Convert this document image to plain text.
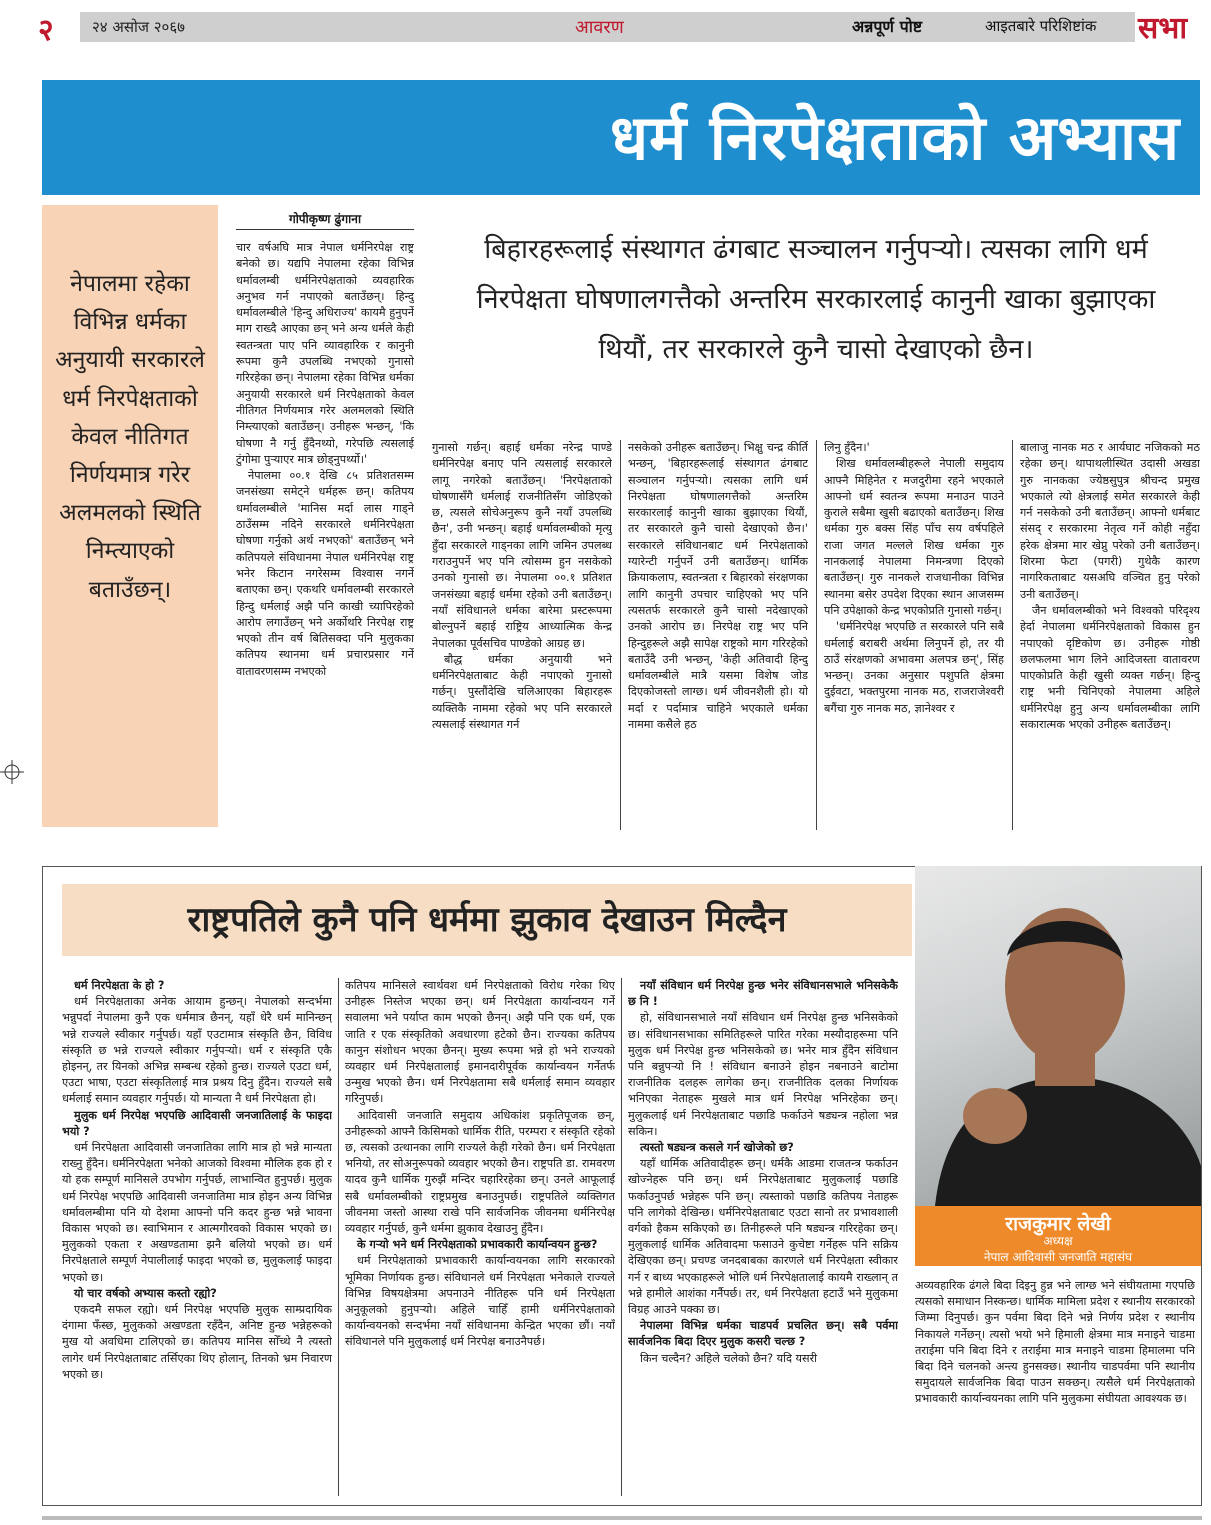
२	२४ असोज २०६७	आवरण	अन्नपूर्ण पोष्ट	आइतबारे परिशिष्टांक सभा
धर्म निरपेक्षताको अभ्यास
नेपालमा रहेका विभिन्न धर्मका अनुयायी सरकारले धर्म निरपेक्षताको केवल नीतिगत निर्णयमात्र गरेर अलमलको स्थिति निम्त्याएको बताउँछन्।
गोपीकृष्ण ढुंगाना

चार वर्षअघि मात्र नेपाल धर्मनिरपेक्ष राष्ट्र बनेको छ। यद्यपि नेपालमा रहेका विभिन्न धर्मावलम्बी धर्मनिरपेक्षताको व्यवहारिक अनुभव गर्न नपाएको बताउँछन्। हिन्दु धर्मावलम्बीले 'हिन्दु अधिराज्य' कायमै हुनुपर्ने माग राख्दै आएका छन् भने अन्य धर्मले केही स्वतन्त्रता पाए पनि व्यावहारिक र कानुनी रूपमा कुनै उपलब्धि नभएको गुनासो गरिरहेका छन्। नेपालमा रहेका विभिन्न धर्मका अनुयायी सरकारले धर्म निरपेक्षताको केवल नीतिगत निर्णयमात्र गरेर अलमलको स्थिति निम्त्याएको बताउँछन्। उनीहरू भन्छन्, 'कि घोषणा नै गर्नु हुँदैनथ्यो, गरेपछि त्यसलाई टुंगोमा पुऱ्याएर मात्र छोड्नुपर्थ्यो।'

नेपालमा ००.१ देखि ८५ प्रतिशतसम्म जनसंख्या समेट्ने धर्महरू छन्। कतिपय धर्मावलम्बीले 'मानिस मर्दा लास गाड्ने ठाउँसम्म नदिने सरकारले धर्मनिरपेक्षता घोषणा गर्नुको अर्थ नभएको' बताउँछन् भने कतिपयले संविधानमा नेपाल धर्मनिरपेक्ष राष्ट्र भनेर किटान नगरेसम्म विश्वास नगर्ने बताएका छन्। एकथरि धर्मावलम्बी सरकारले हिन्दु धर्मलाई अझै पनि काखी च्यापिरहेको आरोप लगाउँछन् भने अर्कोथरि निरपेक्ष राष्ट्र भएको तीन वर्ष बितिसक्दा पनि मुलुकका कतिपय स्थानमा धर्म प्रचारप्रसार गर्ने वातावरणसम्म नभएको

बिहारहरूलाई संस्थागत ढंगबाट सञ्चालन गर्नुपर्‍यो। त्यसका लागि धर्म निरपेक्षता घोषणालगत्तैको अन्तरिम सरकारलाई कानुनी खाका बुझाएका थियौं, तर सरकारले कुनै चासो देखाएको छैन।

गुनासो गर्छन्। बहाई धर्मका नरेन्द्र पाण्डे धर्मनिरपेक्ष बनाए पनि त्यसलाई सरकारले लागू नगरेको बताउँछन्। 'निरपेक्षताको घोषणासँगै धर्मलाई राजनीतिसँग जोडिएको छ, त्यसले सोचेअनुरूप कुनै नयाँ उपलब्धि छैन', उनी भन्छन्। बहाई धर्मावलम्बीको मृत्यु हुँदा सरकारले गाड्नका लागि जमिन उपलब्ध गराउनुपर्ने भए पनि त्योसम्म हुन नसकेको उनको गुनासो छ। नेपालमा ००.१ प्रतिशत जनसंख्या बहाई धर्ममा रहेको उनी बताउँछन्। नयाँ संविधानले धर्मका बारेमा प्रस्टरूपमा बोल्नुपर्ने बहाई राष्ट्रिय आध्यात्मिक केन्द्र नेपालका पूर्वसचिव पाण्डेको आग्रह छ।

बौद्ध धर्मका अनुयायी भने धर्मनिरपेक्षताबाट केही नपाएको गुनासो गर्छन्। पुस्तौंदेखि चलिआएका बिहारहरू व्यक्तिकै नाममा रहेको भए पनि सरकारले त्यसलाई संस्थागत गर्न

नसकेको उनीहरू बताउँछन्। भिक्षु चन्द्र कीर्ति भन्छन्, 'बिहारहरूलाई संस्थागत ढंगबाट सञ्चालन गर्नुपऱ्यो। त्यसका लागि धर्म निरपेक्षता घोषणालगत्तैको अन्तरिम सरकारलाई कानुनी खाका बुझाएका थियौं, तर सरकारले कुनै चासो देखाएको छैन।' सरकारले संविधानबाट धर्म निरपेक्षताको ग्यारेन्टी गर्नुपर्ने उनी बताउँछन्। धार्मिक क्रियाकलाप, स्वतन्त्रता र बिहारको संरक्षणका लागि कानुनी उपचार चाहिएको भए पनि त्यसतर्फ सरकारले कुनै चासो नदेखाएको उनको आरोप छ। निरपेक्ष राष्ट्र भए पनि हिन्दुहरूले अझै सापेक्ष राष्ट्रको माग गरिरहेको बताउँदै उनी भन्छन्, 'केही अतिवादी हिन्दु धर्मावलम्बीले मात्रै यसमा विशेष जोड दिएकोजस्तो लाग्छ। धर्म जीवनशैली हो। यो मर्दा र पर्दामात्र चाहिने भएकाले धर्मका नाममा कसैले हठ

लिनु हुँदैन।'

शिख धर्मावलम्बीहरूले नेपाली समुदाय आफ्नै मिहिनेत र मजदुरीमा रहने भएकाले आफ्नो धर्म स्वतन्त्र रूपमा मनाउन पाउने कुराले सबैमा खुसी बढाएको बताउँछन्। शिख धर्मका गुरु बक्स सिंह पाँच सय वर्षपहिले राजा जगत मल्लले शिख धर्मका गुरु नानकलाई नेपालमा निमन्त्रणा दिएको बताउँछन्। गुरु नानकले राजधानीका विभिन्न स्थानमा बसेर उपदेश दिएका स्थान आजसम्म पनि उपेक्षाको केन्द्र भएकोप्रति गुनासो गर्छन्।

'धर्मनिरपेक्ष भएपछि त सरकारले पनि सबै धर्मलाई बराबरी अर्थमा लिनुपर्ने हो, तर यी ठाउँ संरक्षणको अभावमा अलपत्र छन्', सिंह भन्छन्। उनका अनुसार पशुपति क्षेत्रमा दुईवटा, भक्तपुरमा नानक मठ, राजराजेश्वरी बगैंचा गुरु नानक मठ, ज्ञानेश्वर र

बालाजु नानक मठ र आर्यघाट नजिकको मठ रहेका छन्। थापाथलीस्थित उदासी अखडा गुरु नानकका ज्येष्ठसुपुत्र श्रीचन्द प्रमुख भएकाले त्यो क्षेत्रलाई समेत सरकारले केही गर्न नसकेको उनी बताउँछन्। आफ्नो धर्मबाट संसद् र सरकारमा नेतृत्व गर्ने कोही नहुँदा हरेक क्षेत्रमा मार खेप्नु परेको उनी बताउँछन्। शिरमा फेटा (पगरी) गुथेकै कारण नागरिकताबाट यसअघि वञ्चित हुनु परेको उनी बताउँछन्।

जैन धर्मावलम्बीको भने विश्वको परिदृश्य हेर्दा नेपालमा धर्मनिरपेक्षताको विकास हुन नपाएको दृष्टिकोण छ। उनीहरू गोष्ठी छलफलमा भाग लिने आदिजस्ता वातावरण पाएकोप्रति केही खुसी व्यक्त गर्छन्। हिन्दु राष्ट्र भनी चिनिएको नेपालमा अहिले धर्मनिरपेक्ष हुनु अन्य धर्मावलम्बीका लागि सकारात्मक भएको उनीहरू बताउँछन्।

राष्ट्रपतिले कुनै पनि धर्ममा झुकाव देखाउन मिल्दैन
राजकुमार लेखी
अध्यक्ष
नेपाल आदिवासी जनजाति महासंघ

धर्म निरपेक्षता के हो ?

धर्म निरपेक्षताका अनेक आयाम हुन्छन्। नेपालको सन्दर्भमा भन्नुपर्दा नेपालमा कुनै एक धर्ममात्र छैनन्, यहाँ धेरै धर्म मानिन्छन् भन्ने राज्यले स्वीकार गर्नुपर्छ। यहाँ एउटामात्र संस्कृति छैन, विविध संस्कृति छ भन्ने राज्यले स्वीकार गर्नुपर्‍यो। धर्म र संस्कृति एकै होइनन्, तर यिनको अभिन्न सम्बन्ध रहेको हुन्छ। राज्यले एउटा धर्म, एउटा भाषा, एउटा संस्कृतिलाई मात्र प्रश्रय दिनु हुँदैन। राज्यले सबै धर्मलाई समान व्यवहार गर्नुपर्छ। यो मान्यता नै धर्म निरपेक्षता हो।

मुलुक धर्म निरपेक्ष भएपछि आदिवासी जनजातिलाई के फाइदा भयो ?

धर्म निरपेक्षता आदिवासी जनजातिका लागि मात्र हो भन्ने मान्यता राख्नु हुँदैन। धर्मनिरपेक्षता भनेको आजको विश्वमा मौलिक हक हो र यो हक सम्पूर्ण मानिसले उपभोग गर्नुपर्छ, लाभान्वित हुनुपर्छ। मुलुक धर्म निरपेक्ष भएपछि आदिवासी जनजातिमा मात्र होइन अन्य विभिन्न धर्मावलम्बीमा पनि यो देशमा आफ्नो पनि कदर हुन्छ भन्ने भावना विकास भएको छ। स्वाभिमान र आत्मगौरवको विकास भएको छ। मुलुकको एकता र अखण्डतामा झनै बलियो भएको छ। धर्म निरपेक्षताले सम्पूर्ण नेपालीलाई फाइदा भएको छ, मुलुकलाई फाइदा भएको छ।

यो चार वर्षको अभ्यास कस्तो रह्यो?

एकदमै सफल रह्यो। धर्म निरपेक्ष भएपछि मुलुक साम्प्रदायिक दंगामा फँस्छ, मुलुकको अखण्डता रहँदैन, अनिष्ट हुन्छ भन्नेहरूको मुख यो अवधिमा टालिएको छ। कतिपय मानिस सोँच्थे नै त्यस्तो लागेर धर्म निरपेक्षताबाट तर्सिएका थिए होलान्, तिनको भ्रम निवारण भएको छ।

कतिपय मानिसले स्वार्थवश धर्म निरपेक्षताको विरोध गरेका थिए उनीहरू निस्तेज भएका छन्। धर्म निरपेक्षता कार्यान्वयन गर्ने सवालमा भने पर्याप्त काम भएको छैनन्। अझै पनि एक धर्म, एक जाति र एक संस्कृतिको अवधारणा हटेको छैन। राज्यका कतिपय कानुन संशोधन भएका छैनन्। मुख्य रूपमा भन्ने हो भने राज्यको व्यवहार धर्म निरपेक्षतालाई इमानदारीपूर्वक कार्यान्वयन गर्नेतर्फ उन्मुख भएको छैन। धर्म निरपेक्षतामा सबै धर्मलाई समान व्यवहार गरिनुपर्छ।

आदिवासी जनजाति समुदाय अधिकांश प्रकृतिपूजक छन्, उनीहरूको आफ्नै किसिमको धार्मिक रीति, परम्परा र संस्कृति रहेको छ, त्यसको उत्थानका लागि राज्यले केही गरेको छैन। धर्म निरपेक्षता भनियो, तर सोअनुरूपको व्यवहार भएको छैन। राष्ट्रपति डा. रामवरण यादव कुनै धार्मिक गुरुझैं मन्दिर चहारिरहेका छन्। उनले आफूलाई सबै धर्मावलम्बीको राष्ट्रप्रमुख बनाउनुपर्छ। राष्ट्रपतिले व्यक्तिगत जीवनमा जस्तो आस्था राखे पनि सार्वजनिक जीवनमा धर्मनिरपेक्ष व्यवहार गर्नुपर्छ, कुनै धर्ममा झुकाव देखाउनु हुँदैन।

के गर्‍यो भने धर्म निरपेक्षताको प्रभावकारी कार्यान्वयन हुन्छ?

धर्म निरपेक्षताको प्रभावकारी कार्यान्वयनका लागि सरकारको भूमिका निर्णायक हुन्छ। संविधानले धर्म निरपेक्षता भनेकाले राज्यले विभिन्न विषयक्षेत्रमा अपनाउने नीतिहरू पनि धर्म निरपेक्षता अनुकूलको हुनुपर्‍यो। अहिले चाहिँ हामी धर्मनिरपेक्षताको कार्यान्वयनको सन्दर्भमा नयाँ संविधानमा केन्द्रित भएका छौं। नयाँ संविधानले पनि मुलुकलाई धर्म निरपेक्ष बनाउनैपर्छ।

नयाँ संविधान धर्म निरपेक्ष हुन्छ भनेर संविधानसभाले भनिसकेकै छ नि !

हो, संविधानसभाले नयाँ संविधान धर्म निरपेक्ष हुन्छ भनिसकेको छ। संविधानसभाका समितिहरूले पारित गरेका मस्यौदाहरूमा पनि मुलुक धर्म निरपेक्ष हुन्छ भनिसकेको छ। भनेर मात्र हुँदैन संविधान पनि बन्नुपर्‍यो नि ! संविधान बनाउने होइन नबनाउने बाटोमा राजनीतिक दलहरू लागेका छन्। राजनीतिक दलका निर्णायक भनिएका नेताहरू मुखले मात्र धर्म निरपेक्ष भनिरहेका छन्। मुलुकलाई धर्म निरपेक्षताबाट पछाडि फर्काउने षड्यन्त्र नहोला भन्न सकिन।

त्यस्तो षड्यन्त्र कसले गर्न खोजेको छ?

यहाँ धार्मिक अतिवादीहरू छन्। धर्मकै आडमा राजतन्त्र फर्काउन खोज्नेहरू पनि छन्। धर्म निरपेक्षताबाट मुलुकलाई पछाडि फर्काउनुपर्छ भन्नेहरू पनि छन्। त्यस्ताको पछाडि कतिपय नेताहरू पनि लागेको देखिन्छ। धर्मनिरपेक्षताबाट एउटा सानो तर प्रभावशाली वर्गको हैकम सकिएको छ। तिनीहरूले पनि षड्यन्त्र गरिरहेका छन्। मुलुकलाई धार्मिक अतिवादमा फसाउने कुचेष्टा गर्नेहरू पनि सक्रिय देखिएका छन्। प्रचण्ड जनदबाबका कारणले धर्म निरपेक्षता स्वीकार गर्न र बाध्य भएकाहरूले भोलि धर्म निरपेक्षतालाई कायमै राख्लान् त भन्ने हामीले आशंका गर्नैपर्छ। तर, धर्म निरपेक्षता हटाउँ भने मुलुकमा विग्रह आउने पक्का छ।

नेपालमा विभिन्न धर्मका चाडपर्व प्रचलित छन्। सबै पर्वमा सार्वजनिक बिदा दिएर मुलुक कसरी चल्छ ?

किन चल्दैन? अहिले चलेको छैन? यदि यसरी

अव्यवहारिक ढंगले बिदा दिइनु हुन्न भने लाग्छ भने संघीयतामा गएपछि त्यसको समाधान निस्कन्छ। धार्मिक मामिला प्रदेश र स्थानीय सरकारको जिम्मा दिनुपर्छ। कुन पर्वमा बिदा दिने भन्ने निर्णय प्रदेश र स्थानीय निकायले गर्नेछन्। त्यसो भयो भने हिमाली क्षेत्रमा मात्र मनाइने चाडमा तराईमा पनि बिदा दिने र तराईमा मात्र मनाइने चाडमा हिमालमा पनि बिदा दिने चलनको अन्त्य हुनसक्छ। स्थानीय चाडपर्वमा पनि स्थानीय समुदायले सार्वजनिक बिदा पाउन सक्छन्। त्यसैले धर्म निरपेक्षताको प्रभावकारी कार्यान्वयनका लागि पनि मुलुकमा संघीयता आवश्यक छ।
